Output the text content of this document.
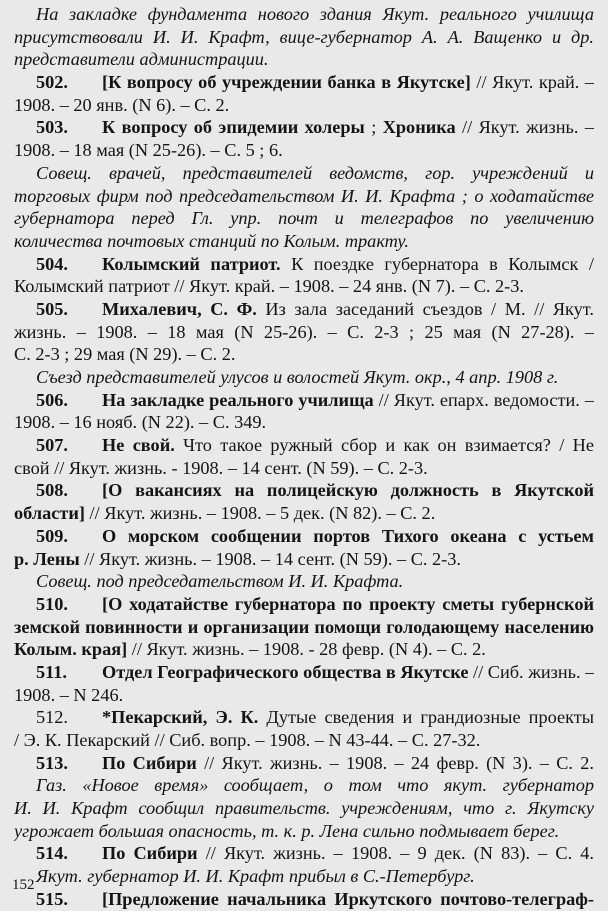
На закладке фундамента нового здания Якут. реального училища
присутствовали И. И. Крафт, вице-губернатор А. А. Ващенко и др.
представители администрации.
502. [К вопросу об учреждении банка в Якутске] // Якут. край. –
1908. – 20 янв. (N 6). – С. 2.
503. К вопросу об эпидемии холеры ; Хроника // Якут. жизнь. –
1908. – 18 мая (N 25-26). – С. 5 ; 6.
Совещ. врачей, представителей ведомств, гор. учреждений и
торговых фирм под председательством И. И. Крафта ; о ходатайстве
губернатора перед Гл. упр. почт и телеграфов по увеличению
количества почтовых станций по Колым. тракту.
504. Колымский патриот. К поездке губернатора в Колымск /
Колымский патриот // Якут. край. – 1908. – 24 янв. (N 7). – С. 2-3.
505. Михалевич, С. Ф. Из зала заседаний съездов / М. // Якут.
жизнь. – 1908. – 18 мая (N 25-26). – С. 2-3 ; 25 мая (N 27-28). –
С. 2-3 ; 29 мая (N 29). – С. 2.
Съезд представителей улусов и волостей Якут. окр., 4 апр. 1908 г.
506. На закладке реального училища // Якут. епарх. ведомости. –
1908. – 16 нояб. (N 22). – С. 349.
507. Не свой. Что такое ружный сбор и как он взимается? / Не
свой // Якут. жизнь. - 1908. – 14 сент. (N 59). – С. 2-3.
508. [О вакансиях на полицейскую должность в Якутской
области] // Якут. жизнь. – 1908. – 5 дек. (N 82). – С. 2.
509. О морском сообщении портов Тихого океана с устьем
р. Лены // Якут. жизнь. – 1908. – 14 сент. (N 59). – С. 2-3.
Совещ. под председательством И. И. Крафта.
510. [О ходатайстве губернатора по проекту сметы губернской
земской повинности и организации помощи голодающему населению
Колым. края] // Якут. жизнь. – 1908. - 28 февр. (N 4). – С. 2.
511. Отдел Географического общества в Якутске // Сиб. жизнь. –
1908. – N 246.
512. *Пекарский, Э. К. Дутые сведения и грандиозные проекты
/ Э. К. Пекарский // Сиб. вопр. – 1908. – N 43-44. – С. 27-32.
513. По Сибири // Якут. жизнь. – 1908. – 24 февр. (N 3). – С. 2.
Газ. «Новое время» сообщает, о том что якут. губернатор
И. И. Крафт сообщил правительств. учреждениям, что г. Якутску
угрожает большая опасность, т. к. р. Лена сильно подмывает берег.
514. По Сибири // Якут. жизнь. – 1908. – 9 дек. (N 83). – С. 4.
Якут. губернатор И. И. Крафт прибыл в С.-Петербург.
515. [Предложение начальника Иркутского почтово-телеграф-
152
